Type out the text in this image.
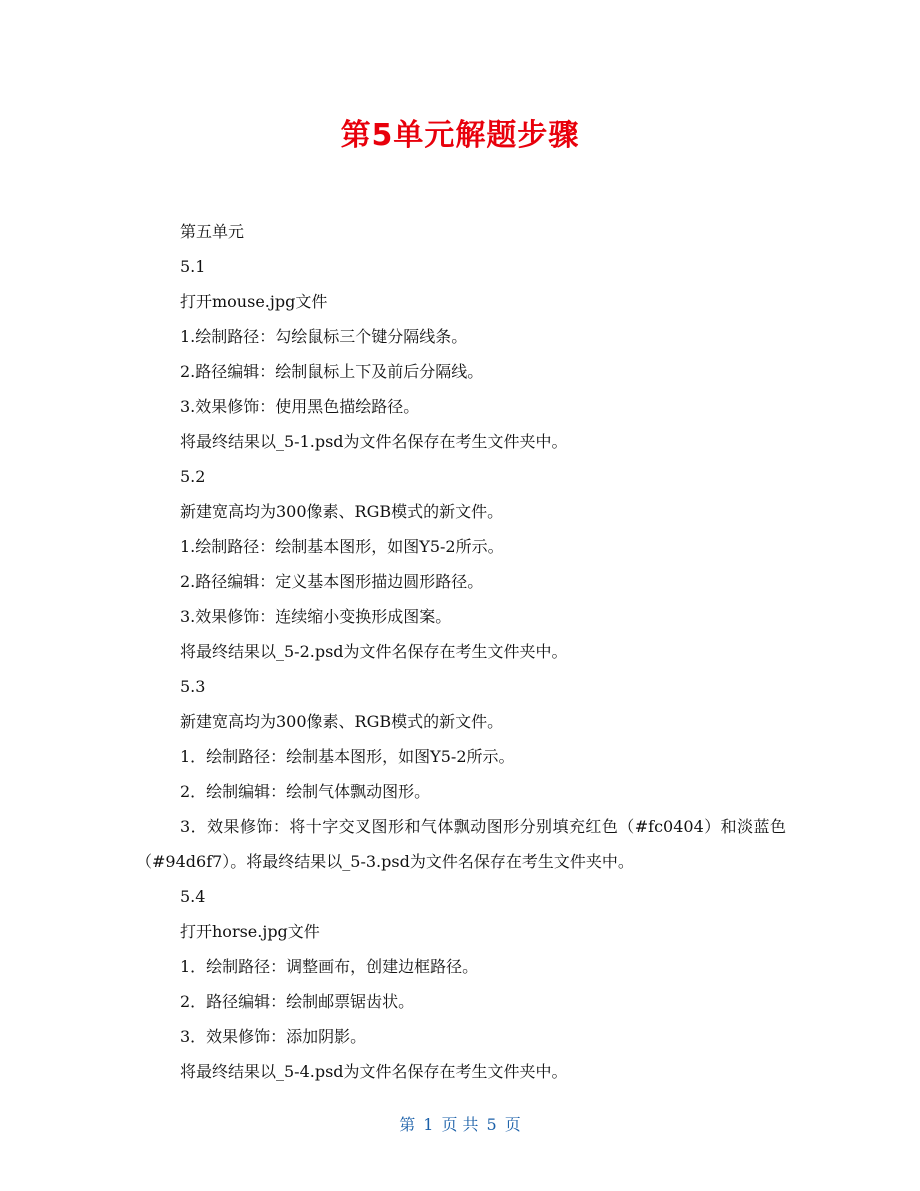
第5单元解题步骤
第五单元
5.1
打开mouse.jpg文件
1.绘制路径：勾绘鼠标三个键分隔线条。
2.路径编辑：绘制鼠标上下及前后分隔线。
3.效果修饰：使用黑色描绘路径。
将最终结果以_5-1.psd为文件名保存在考生文件夹中。
5.2
新建宽高均为300像素、RGB模式的新文件。
1.绘制路径：绘制基本图形，如图Y5-2所示。
2.路径编辑：定义基本图形描边圆形路径。
3.效果修饰：连续缩小变换形成图案。
将最终结果以_5-2.psd为文件名保存在考生文件夹中。
5.3
新建宽高均为300像素、RGB模式的新文件。
1．绘制路径：绘制基本图形，如图Y5-2所示。
2．绘制编辑：绘制气体飘动图形。
3．效果修饰：将十字交叉图形和气体飘动图形分别填充红色（#fc0404）和淡蓝色（#94d6f7）。将最终结果以_5-3.psd为文件名保存在考生文件夹中。
5.4
打开horse.jpg文件
1．绘制路径：调整画布，创建边框路径。
2．路径编辑：绘制邮票锯齿状。
3．效果修饰：添加阴影。
将最终结果以_5-4.psd为文件名保存在考生文件夹中。
第 1 页 共 5 页
